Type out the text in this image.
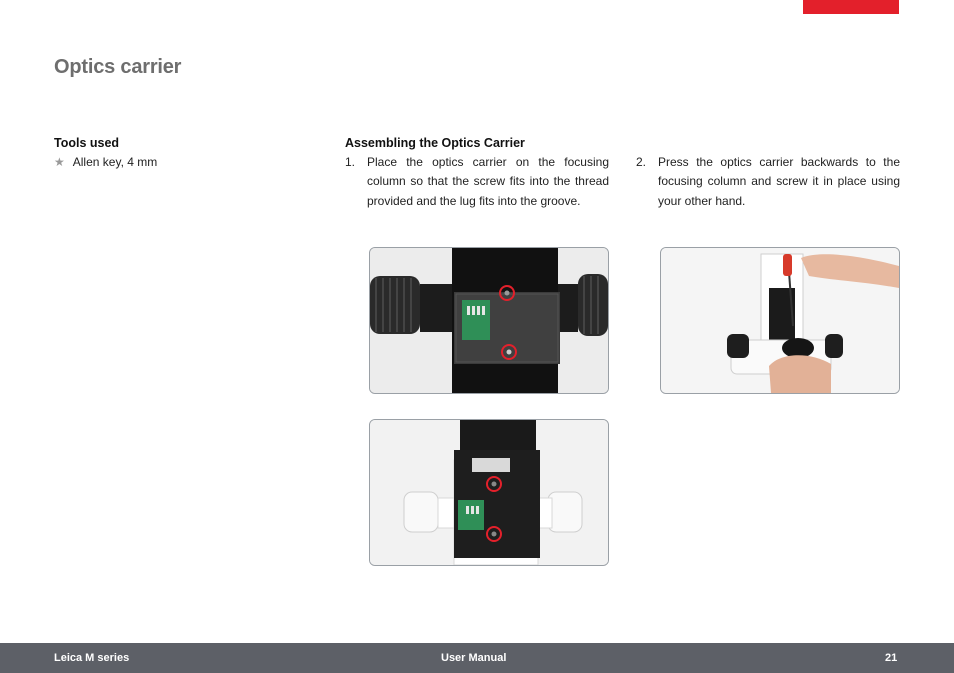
Optics carrier
Tools used
★ Allen key, 4 mm
Assembling the Optics Carrier
1. Place the optics carrier on the focusing column so that the screw fits into the thread provided and the lug fits into the groove.
2. Press the optics carrier backwards to the focusing column and screw it in place using your other hand.
Leica M series	User Manual	21
